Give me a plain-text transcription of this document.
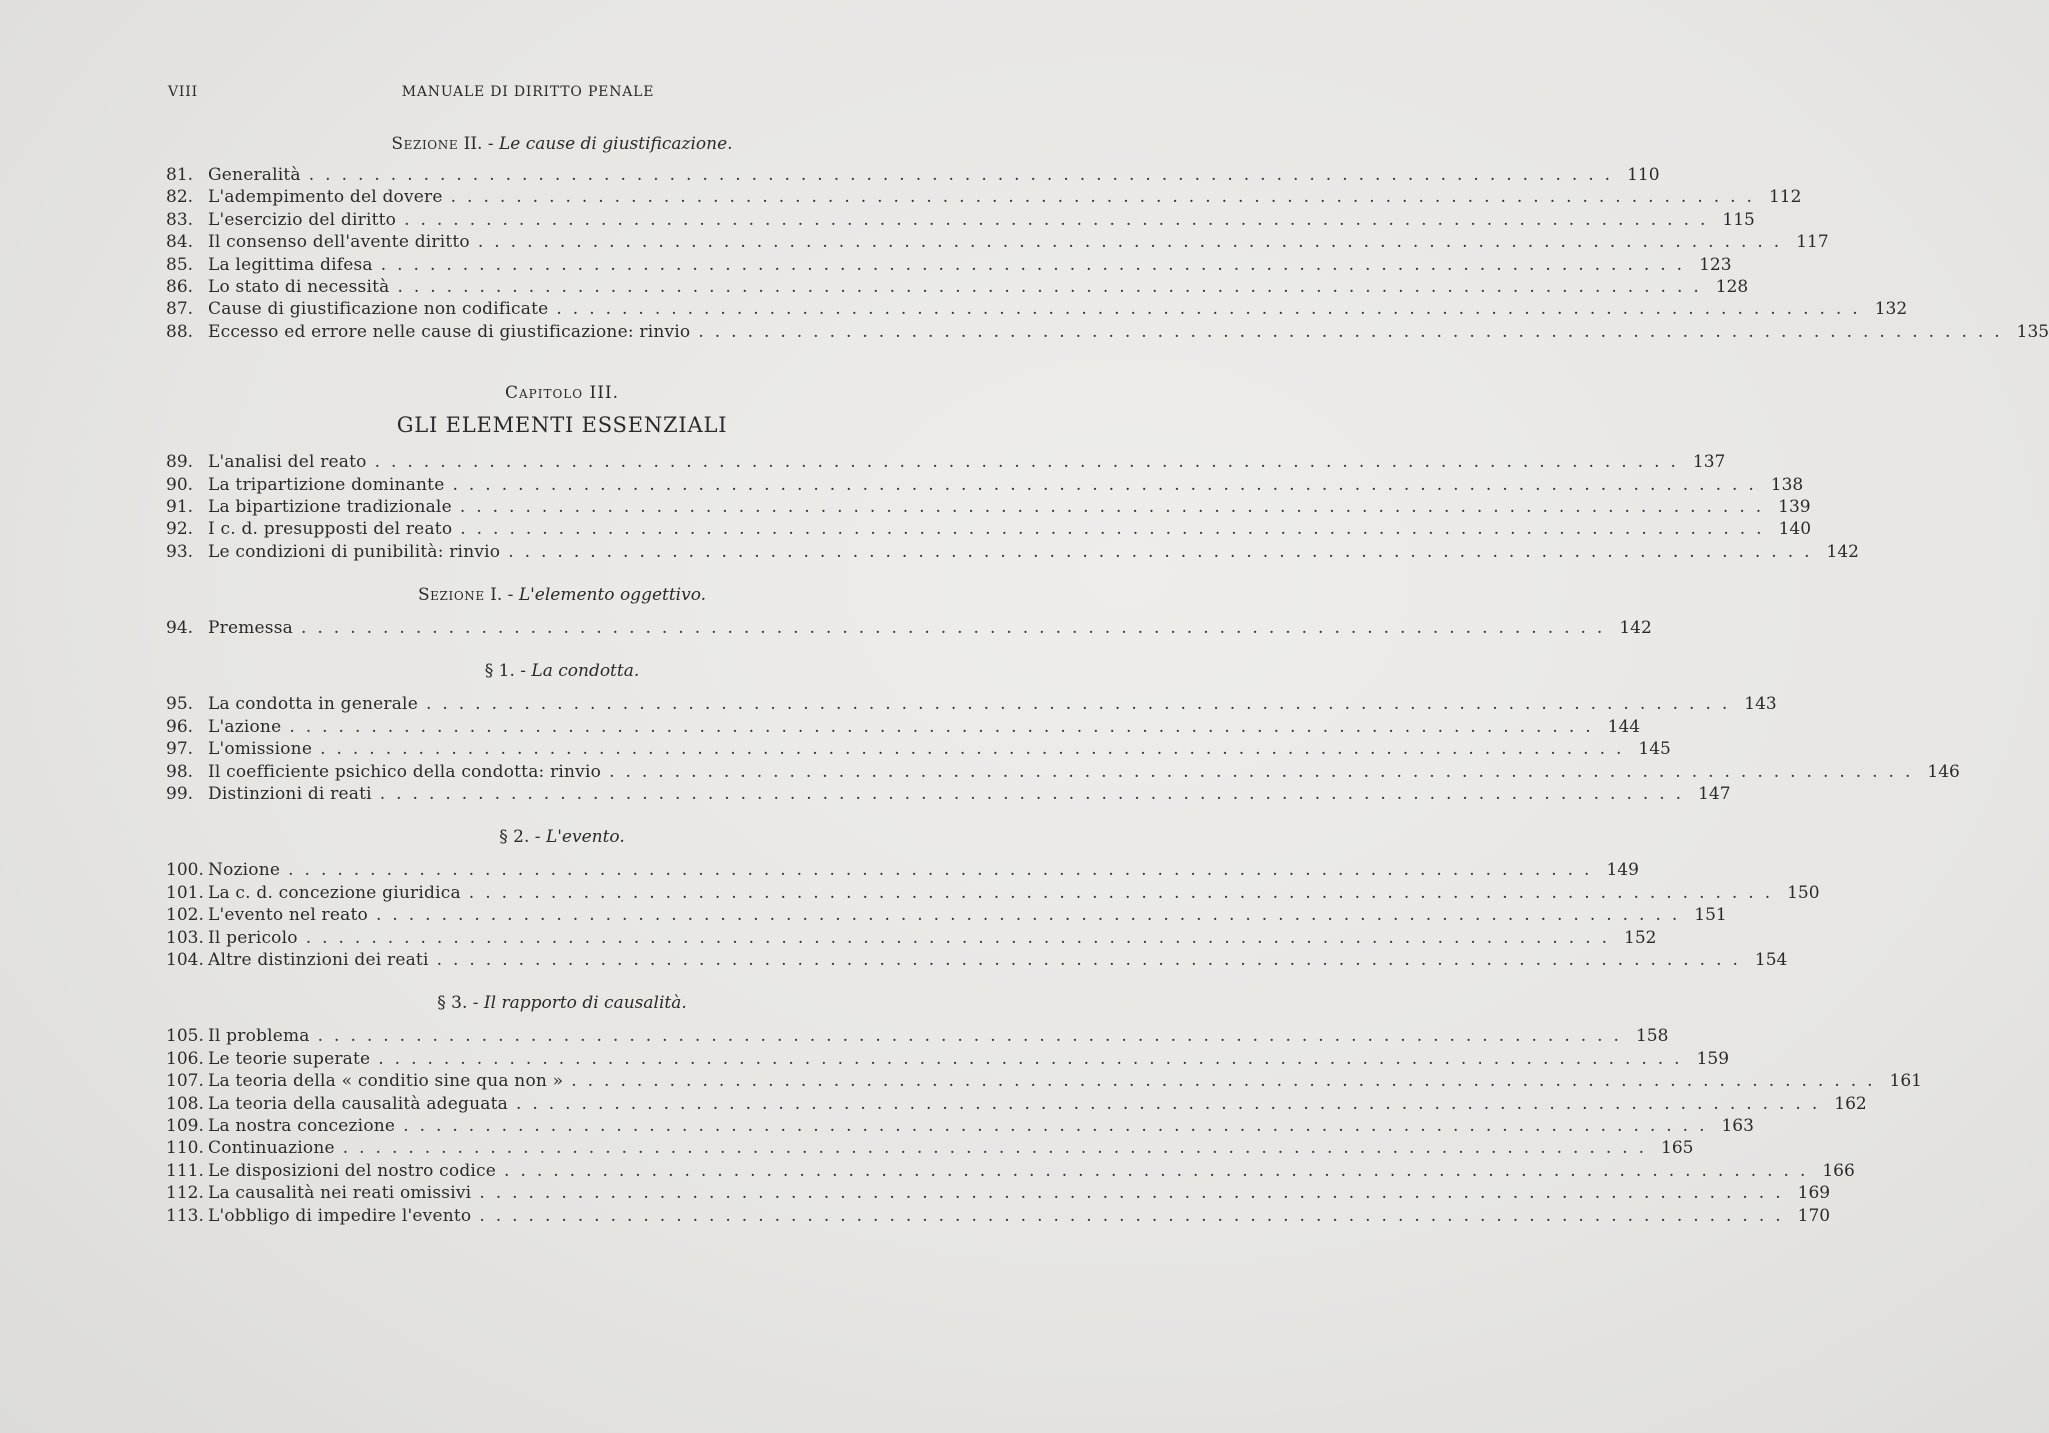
VIII	MANUALE DI DIRITTO PENALE
Sezione II. - Le cause di giustificazione.
81. Generalità ................................................................................ 110
82. L'adempimento del dovere ................................................................................ 112
83. L'esercizio del diritto ................................................................................ 115
84. Il consenso dell'avente diritto ................................................................................ 117
85. La legittima difesa ................................................................................ 123
86. Lo stato di necessità ................................................................................ 128
87. Cause di giustificazione non codificate ................................................................................ 132
88. Eccesso ed errore nelle cause di giustificazione: rinvio ................................................................................ 135
Capitolo III.
GLI ELEMENTI ESSENZIALI
89. L'analisi del reato ................................................................................ 137
90. La tripartizione dominante ................................................................................ 138
91. La bipartizione tradizionale ................................................................................ 139
92. I c. d. presupposti del reato ................................................................................ 140
93. Le condizioni di punibilità: rinvio ................................................................................ 142
Sezione I. - L'elemento oggettivo.
94. Premessa ................................................................................ 142
§ 1. - La condotta.
95. La condotta in generale ................................................................................ 143
96. L'azione ................................................................................ 144
97. L'omissione ................................................................................ 145
98. Il coefficiente psichico della condotta: rinvio ................................................................................ 146
99. Distinzioni di reati ................................................................................ 147
§ 2. - L'evento.
100. Nozione ................................................................................ 149
101. La c. d. concezione giuridica ................................................................................ 150
102. L'evento nel reato ................................................................................ 151
103. Il pericolo ................................................................................ 152
104. Altre distinzioni dei reati ................................................................................ 154
§ 3. - Il rapporto di causalità.
105. Il problema ................................................................................ 158
106. Le teorie superate ................................................................................ 159
107. La teoria della « conditio sine qua non » ................................................................................ 161
108. La teoria della causalità adeguata ................................................................................ 162
109. La nostra concezione ................................................................................ 163
110. Continuazione ................................................................................ 165
111. Le disposizioni del nostro codice ................................................................................ 166
112. La causalità nei reati omissivi ................................................................................ 169
113. L'obbligo di impedire l'evento ................................................................................ 170
